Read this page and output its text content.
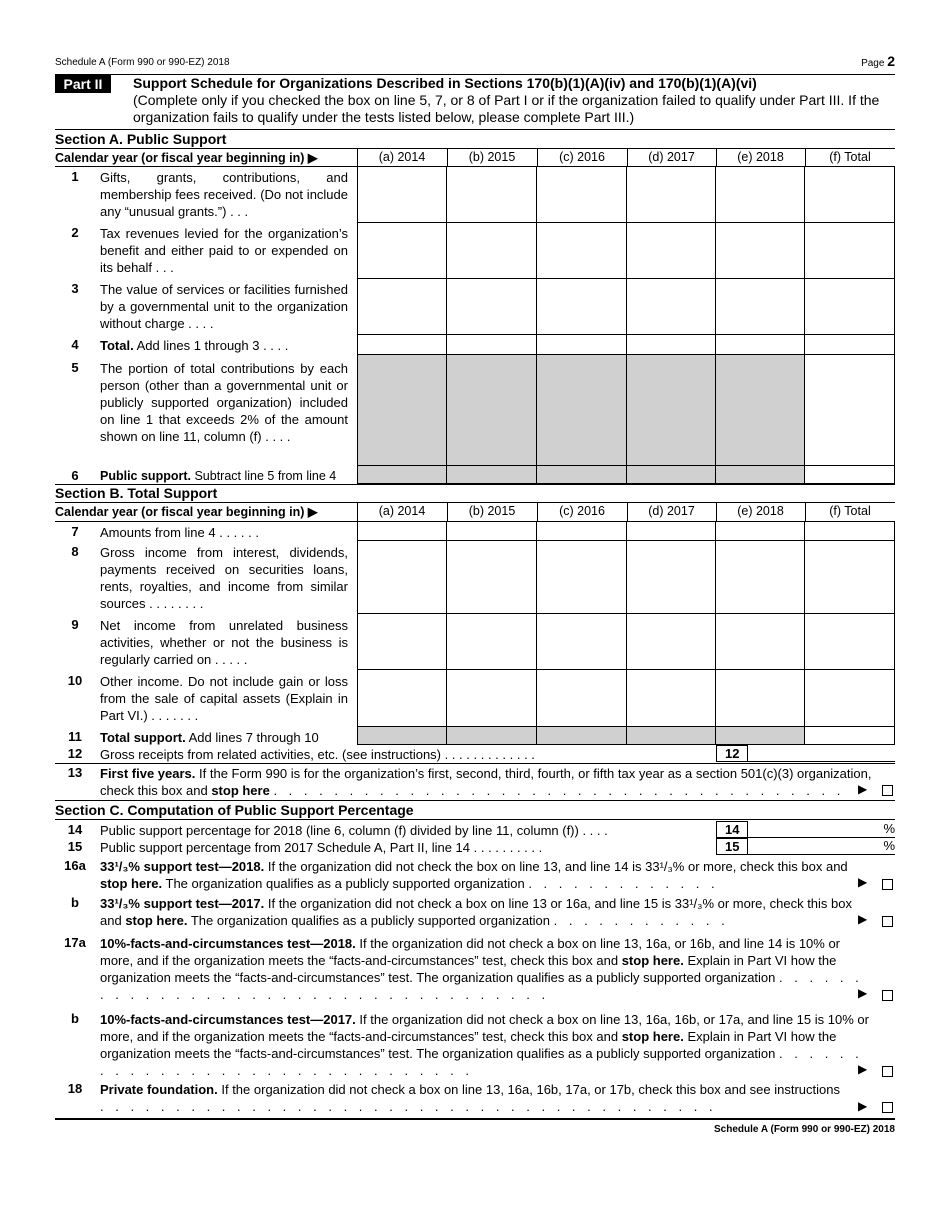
Schedule A (Form 990 or 990-EZ) 2018	Page 2
Part II	Support Schedule for Organizations Described in Sections 170(b)(1)(A)(iv) and 170(b)(1)(A)(vi)
(Complete only if you checked the box on line 5, 7, or 8 of Part I or if the organization failed to qualify under Part III. If the organization fails to qualify under the tests listed below, please complete Part III.)
Section A. Public Support
Calendar year (or fiscal year beginning in) ▶	(a) 2014	(b) 2015	(c) 2016	(d) 2017	(e) 2018	(f) Total
1	Gifts, grants, contributions, and membership fees received. (Do not include any “unusual grants.”) . . .
2	Tax revenues levied for the organization’s benefit and either paid to or expended on its behalf . . .
3	The value of services or facilities furnished by a governmental unit to the organization without charge . . . .
4	Total. Add lines 1 through 3 . . . .
5	The portion of total contributions by each person (other than a governmental unit or publicly supported organization) included on line 1 that exceeds 2% of the amount shown on line 11, column (f) . . . .
6	Public support. Subtract line 5 from line 4
Section B. Total Support
Calendar year (or fiscal year beginning in) ▶	(a) 2014	(b) 2015	(c) 2016	(d) 2017	(e) 2018	(f) Total
7	Amounts from line 4 . . . . . .
8	Gross income from interest, dividends, payments received on securities loans, rents, royalties, and income from similar sources . . . . . . . .
9	Net income from unrelated business activities, whether or not the business is regularly carried on . . . . .
10	Other income. Do not include gain or loss from the sale of capital assets (Explain in Part VI.) . . . . . . .
11	Total support. Add lines 7 through 10
12	Gross receipts from related activities, etc. (see instructions) . . . . . . . . . . . . .	12
13	First five years. If the Form 990 is for the organization’s first, second, third, fourth, or fifth tax year as a section 501(c)(3) organization, check this box and stop here . . . . . . . . . . . . . . . . . . . . . . . . . . . . . . . . . . . . . .	▶
Section C. Computation of Public Support Percentage
14	Public support percentage for 2018 (line 6, column (f) divided by line 11, column (f)) . . . .	14	%
15	Public support percentage from 2017 Schedule A, Part II, line 14 . . . . . . . . . .	15	%
16a	33¹/₃% support test—2018. If the organization did not check the box on line 13, and line 14 is 33¹/₃% or more, check this box and stop here. The organization qualifies as a publicly supported organization . . . . . . . . . . . . .	▶
b	33¹/₃% support test—2017. If the organization did not check a box on line 13 or 16a, and line 15 is 33¹/₃% or more, check this box and stop here. The organization qualifies as a publicly supported organization . . . . . . . . . . . .	▶
17a	10%-facts-and-circumstances test—2018. If the organization did not check a box on line 13, 16a, or 16b, and line 14 is 10% or more, and if the organization meets the “facts-and-circumstances” test, check this box and stop here. Explain in Part VI how the organization meets the “facts-and-circumstances” test. The organization qualifies as a publicly supported organization . . . . . . . . . . . . . . . . . . . . . . . . . . . . . . . . . . . .	▶
b	10%-facts-and-circumstances test—2017. If the organization did not check a box on line 13, 16a, 16b, or 17a, and line 15 is 10% or more, and if the organization meets the “facts-and-circumstances” test, check this box and stop here. Explain in Part VI how the organization meets the “facts-and-circumstances” test. The organization qualifies as a publicly supported organization . . . . . . . . . . . . . . . . . . . . . . . . . . . . . . .	▶
18	Private foundation. If the organization did not check a box on line 13, 16a, 16b, 17a, or 17b, check this box and see instructions . . . . . . . . . . . . . . . . . . . . . . . . . . . . . . . . . . . . . . . . .	▶
Schedule A (Form 990 or 990-EZ) 2018
